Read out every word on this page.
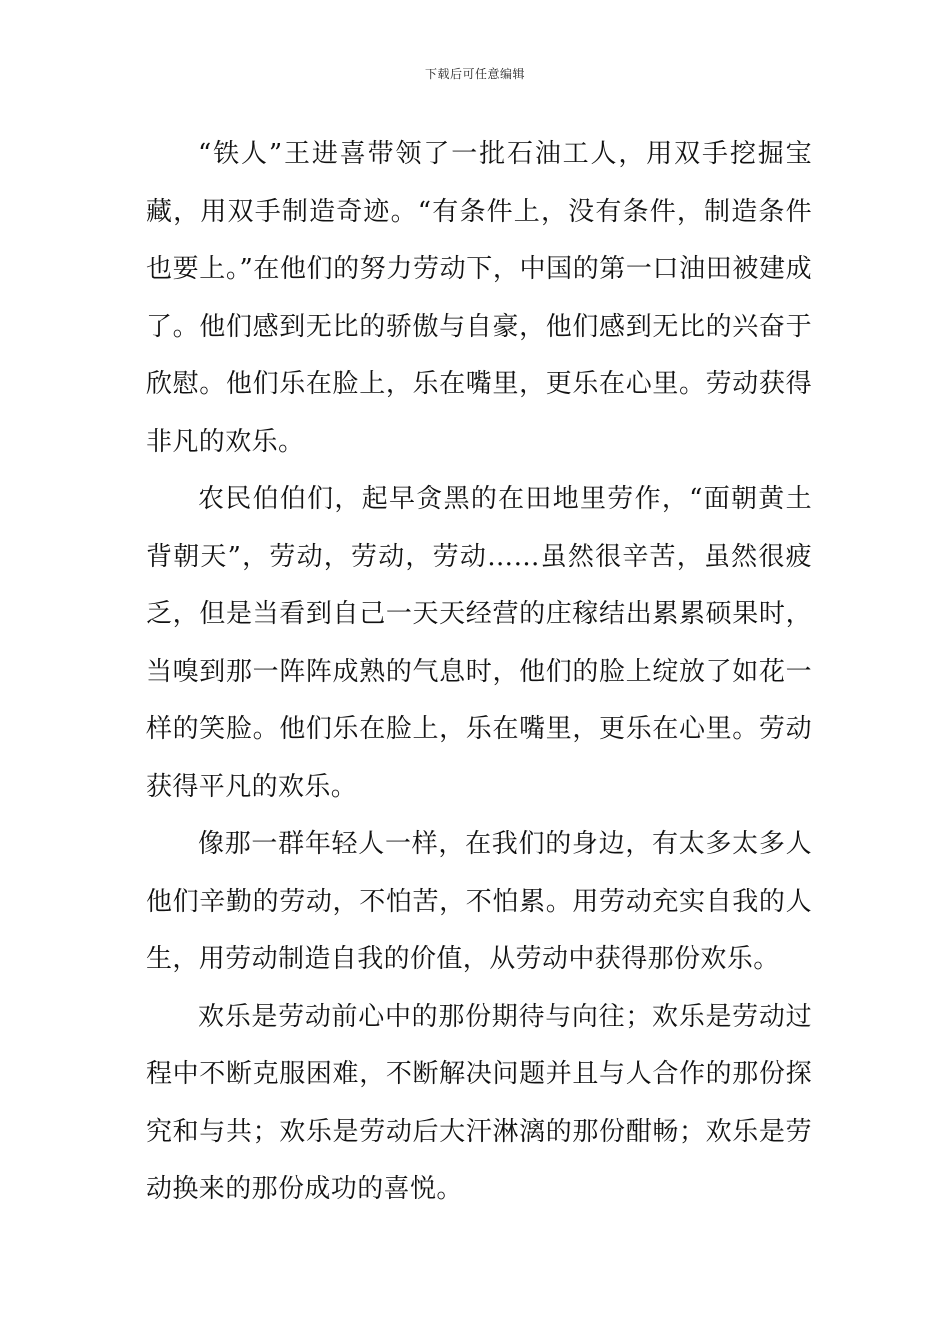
下载后可任意编辑

“铁人”王进喜带领了一批石油工人，用双手挖掘宝藏，用双手制造奇迹。“有条件上，没有条件，制造条件也要上。”在他们的努力劳动下，中国的第一口油田被建成了。他们感到无比的骄傲与自豪，他们感到无比的兴奋于欣慰。他们乐在脸上，乐在嘴里，更乐在心里。劳动获得非凡的欢乐。

农民伯伯们，起早贪黑的在田地里劳作，“面朝黄土背朝天”，劳动，劳动，劳动……虽然很辛苦，虽然很疲乏，但是当看到自己一天天经营的庄稼结出累累硕果时，当嗅到那一阵阵成熟的气息时，他们的脸上绽放了如花一样的笑脸。他们乐在脸上，乐在嘴里，更乐在心里。劳动获得平凡的欢乐。

像那一群年轻人一样，在我们的身边，有太多太多人他们辛勤的劳动，不怕苦，不怕累。用劳动充实自我的人生，用劳动制造自我的价值，从劳动中获得那份欢乐。

欢乐是劳动前心中的那份期待与向往；欢乐是劳动过程中不断克服困难，不断解决问题并且与人合作的那份探究和与共；欢乐是劳动后大汗淋漓的那份酣畅；欢乐是劳动换来的那份成功的喜悦。
